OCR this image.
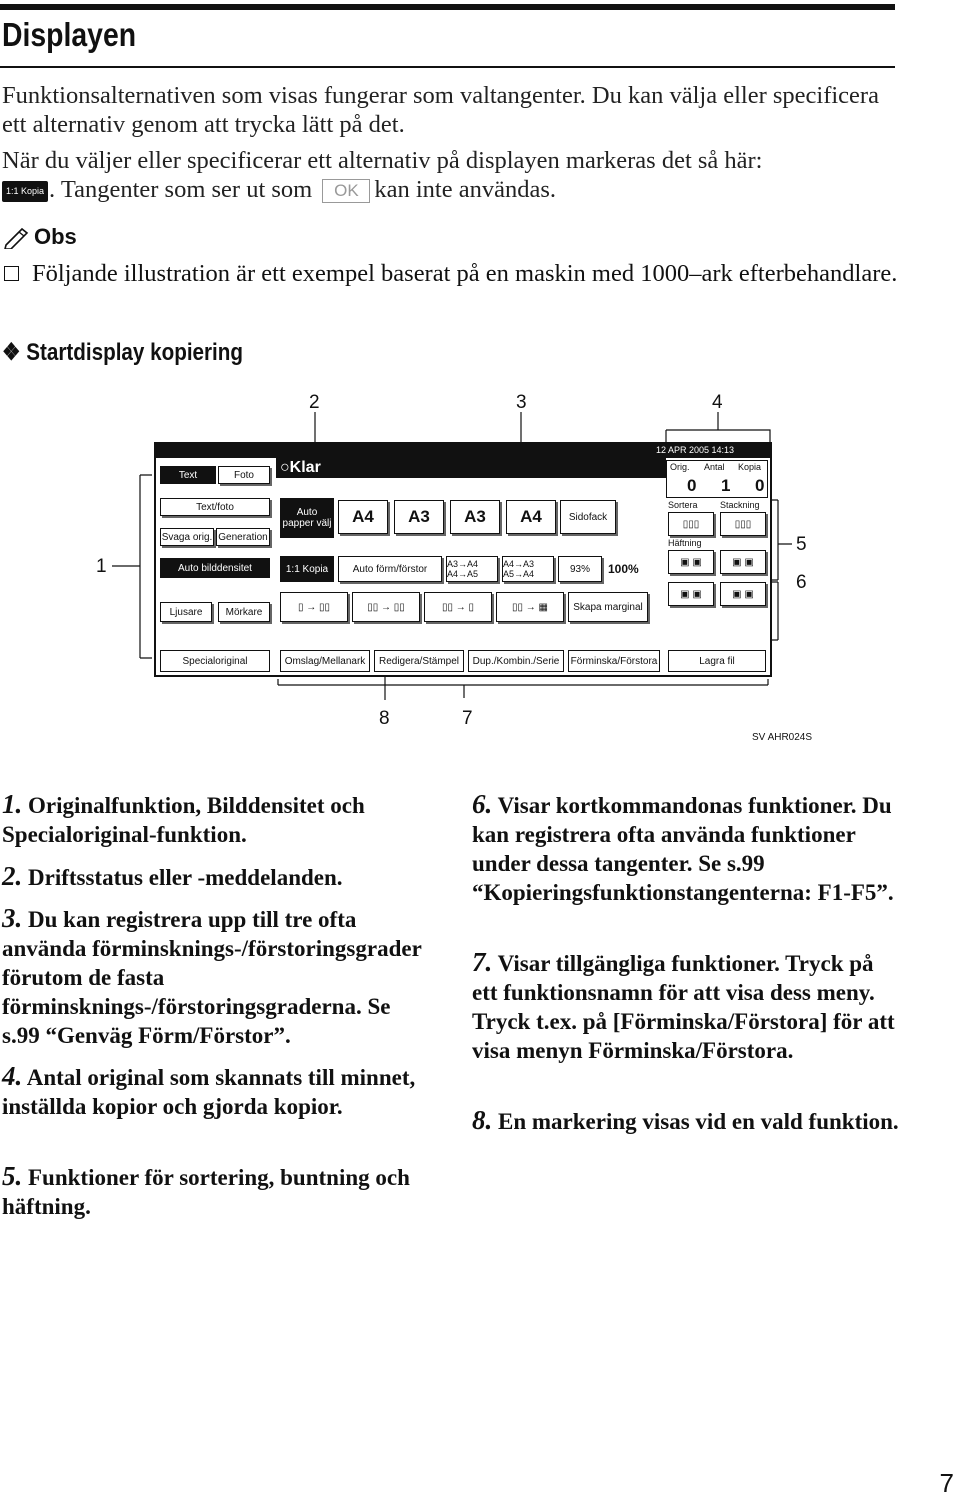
Displayen
Funktionsalternativen som visas fungerar som valtangenter. Du kan välja eller specificera ett alternativ genom att trycka lätt på det.
När du väljer eller specificerar ett alternativ på displayen markeras det så här:
1:1 Kopia . Tangenter som ser ut som OK kan inte användas.
Obs
Följande illustration är ett exempel baserat på en maskin med 1000–ark efterbehandlare.
❖ Startdisplay kopiering
2	3	4
1
5
6
8	7
12 APR 2005 14:13
○Klar	Orig. Antal Kopia
0 1 0
Text	Foto
Text/foto
Svaga orig. Generation
Auto bilddensitet
Ljusare	Mörkare
Specialoriginal
Auto papper välj	A4	A3	A3	A4	Sidofack
1:1 Kopia	Auto förm/förstor	A3→A4 A4→A5
A4→A3 A5→A4	93%	100%
▯ → ▯▯	▯▯ → ▯▯	▯▯ → ▯	▯▯ → ▦	Skapa marginal
Sortera Stackning
▯▯▯	▯▯▯
Häftning
▣ ▣	▣ ▣
▣ ▣	▣ ▣
Omslag/Mellanark	Redigera/Stämpel	Dup./Kombin./Serie	Förminska/Förstora	Lagra fil
SV AHR024S
1. Originalfunktion, Bilddensitet och Specialoriginal-funktion.
2. Driftsstatus eller -meddelanden.
3. Du kan registrera upp till tre ofta använda förminsknings-/förstoringsgrader förutom de fasta förminsknings-/förstoringsgraderna. Se s.99 “Genväg Förm/Förstor”.
4. Antal original som skannats till minnet, inställda kopior och gjorda kopior.
5. Funktioner för sortering, buntning och häftning.
6. Visar kortkommandonas funktioner. Du kan registrera ofta använda funktioner under dessa tangenter. Se s.99 “Kopieringsfunktionstangenterna: F1-F5”.
7. Visar tillgängliga funktioner. Tryck på ett funktionsnamn för att visa dess meny. Tryck t.ex. på [Förminska/Förstora] för att visa menyn Förminska/Förstora.
8. En markering visas vid en vald funktion.
7
